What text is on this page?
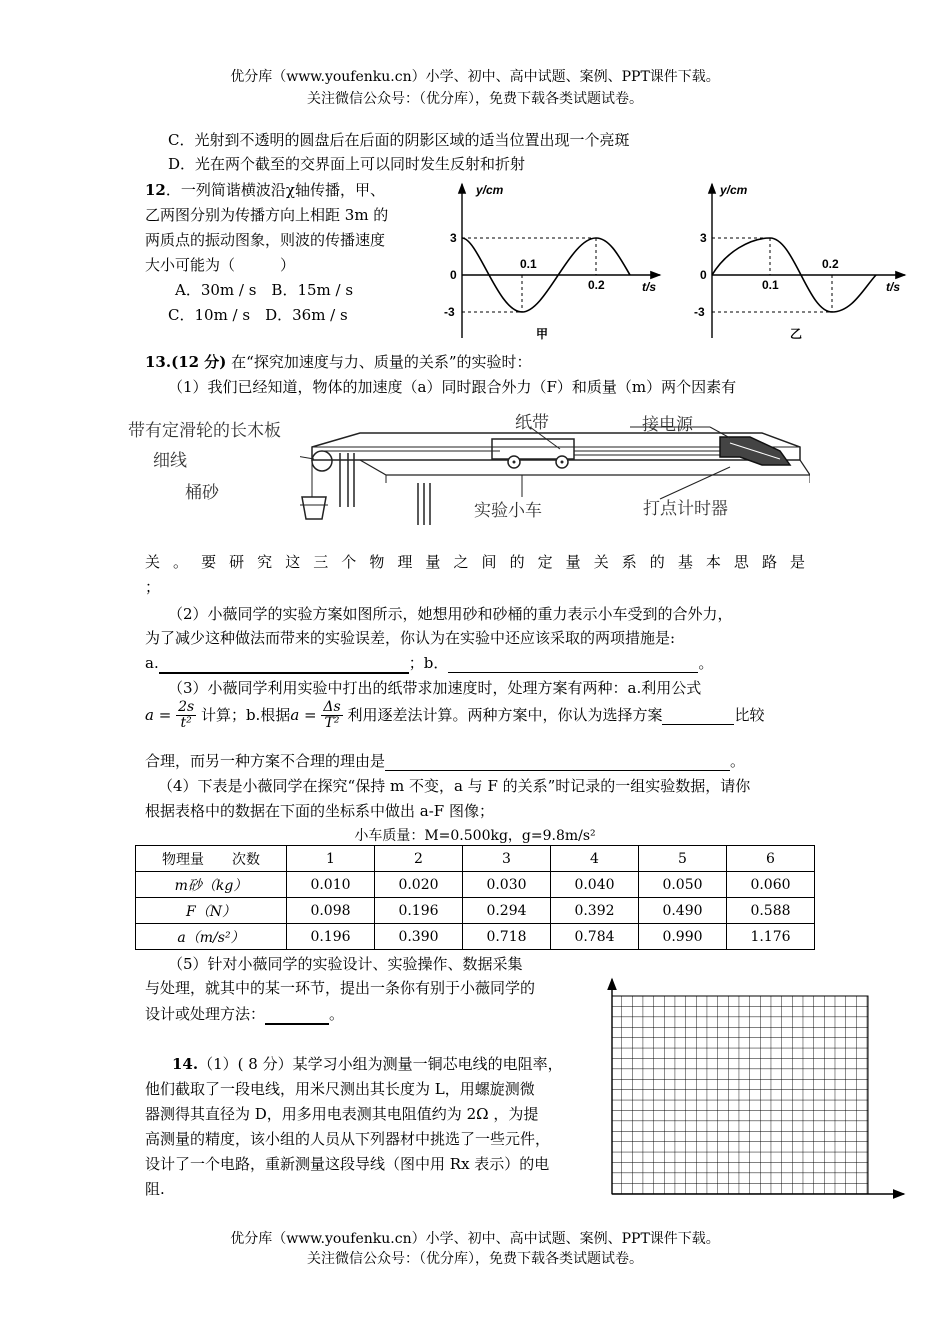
优分库（www.youfenku.cn）小学、初中、高中试题、案例、PPT课件下载。
关注微信公众号：（优分库），免费下载各类试题试卷。
C．光射到不透明的圆盘后在后面的阴影区域的适当位置出现一个亮斑
D．光在两个截至的交界面上可以同时发生反射和折射
12．一列简谐横波沿χ轴传播，甲、
乙两图分别为传播方向上相距 3m 的
两质点的振动图象，则波的传播速度
大小可能为（　　　）
A．30m / s　B．15m / s
C．10m / s　D．36m / s
y/cm
t/s
3
0
-3
0.1
0.2
甲
y/cm
t/s
3
0
-3
0.1
0.2
乙
13.(12 分) 在“探究加速度与力、质量的关系”的实验时：
（1）我们已经知道，物体的加速度（a）同时跟合外力（F）和质量（m）两个因素有
带有定滑轮的长木板
细线
桶砂
纸带	接电源
实验小车	打点计时器
关 。 要 研 究 这 三 个 物 理 量 之 间 的 定 量 关 系 的 基 本 思 路 是
；
（2）小薇同学的实验方案如图所示，她想用砂和砂桶的重力表示小车受到的合外力，
为了减少这种做法而带来的实验误差，你认为在实验中还应该采取的两项措施是:
a.	；b．	。
（3）小薇同学利用实验中打出的纸带求加速度时，处理方案有两种：a.利用公式
$a = \frac{2s}{\text{t²}}$ 计算；b.根据$a = \frac{\Delta s}{\text{T²}}$ 利用逐差法计算。两种方案中，你认为选择方案	比较
合理，而另一种方案不合理的理由是	。
（4）下表是小薇同学在探究“保持 m 不变，a 与 F 的关系”时记录的一组实验数据，请你
根据表格中的数据在下面的坐标系中做出 a-F 图像；
小车质量：M=0.500kg，g=9.8m/s²
物理量　　次数	1	2	3	4	5	6
m砂（kg）	0.010	0.020	0.030	0.040	0.050	0.060
F（N）	0.098	0.196	0.294	0.392	0.490	0.588
a（m/s²）	0.196	0.390	0.718	0.784	0.990	1.176
（5）针对小薇同学的实验设计、实验操作、数据采集
与处理，就其中的某一环节，提出一条你有别于小薇同学的
设计或处理方法：	。
14.（1）( 8 分）某学习小组为测量一铜芯电线的电阻率，
他们截取了一段电线，用米尺测出其长度为 L，用螺旋测微
器测得其直径为 D，用多用电表测其电阻值约为 2Ω ，为提
高测量的精度，该小组的人员从下列器材中挑选了一些元件，
设计了一个电路，重新测量这段导线（图中用 Rx 表示）的电
阻.
优分库（www.youfenku.cn）小学、初中、高中试题、案例、PPT课件下载。
关注微信公众号：（优分库），免费下载各类试题试卷。
